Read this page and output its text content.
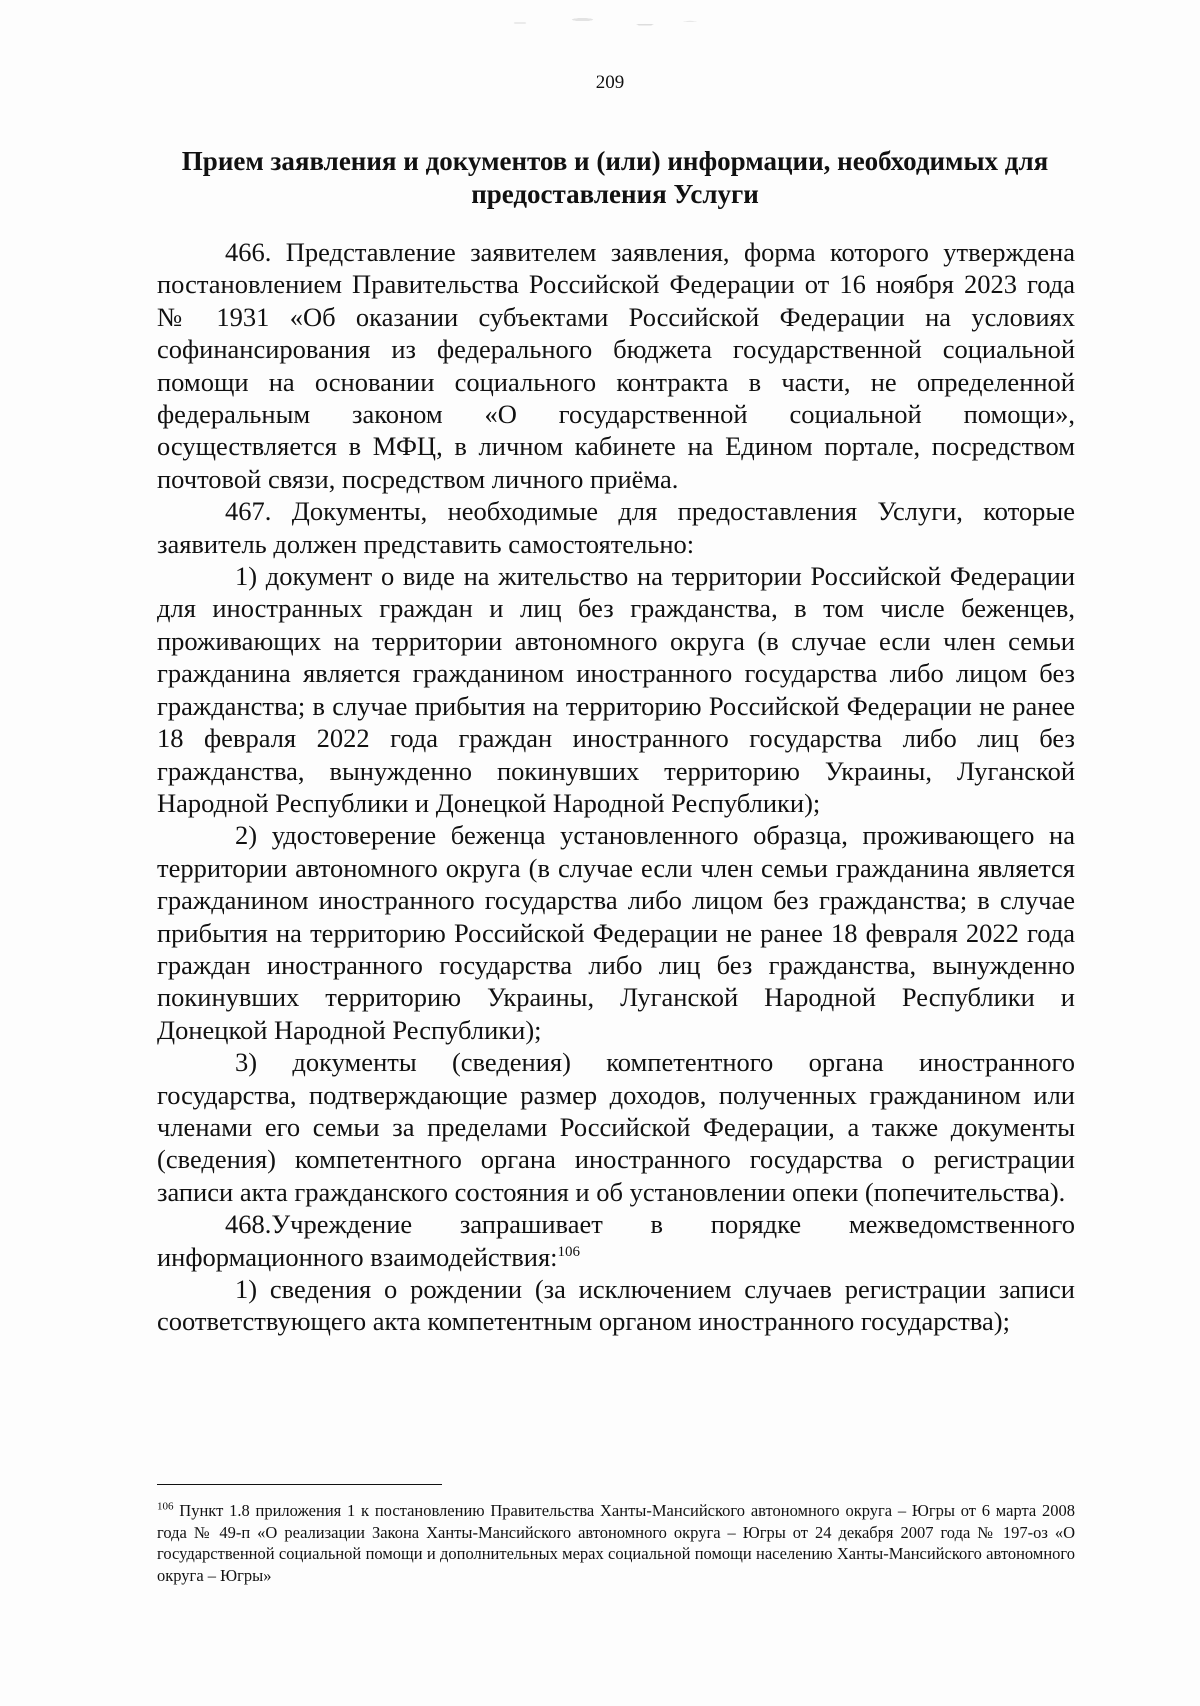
209
Прием заявления и документов и (или) информации, необходимых для предоставления Услуги

466. Представление заявителем заявления, форма которого утверждена постановлением Правительства Российской Федерации от 16 ноября 2023 года № 1931 «Об оказании субъектами Российской Федерации на условиях софинансирования из федерального бюджета государственной социальной помощи на основании социального контракта в части, не определенной федеральным законом «О государственной социальной помощи», осуществляется в МФЦ, в личном кабинете на Едином портале, посредством почтовой связи, посредством личного приёма.

467. Документы, необходимые для предоставления Услуги, которые заявитель должен представить самостоятельно:

1) документ о виде на жительство на территории Российской Федерации для иностранных граждан и лиц без гражданства, в том числе беженцев, проживающих на территории автономного округа (в случае если член семьи гражданина является гражданином иностранного государства либо лицом без гражданства; в случае прибытия на территорию Российской Федерации не ранее 18 февраля 2022 года граждан иностранного государства либо лиц без гражданства, вынужденно покинувших территорию Украины, Луганской Народной Республики и Донецкой Народной Республики);

2) удостоверение беженца установленного образца, проживающего на территории автономного округа (в случае если член семьи гражданина является гражданином иностранного государства либо лицом без гражданства; в случае прибытия на территорию Российской Федерации не ранее 18 февраля 2022 года граждан иностранного государства либо лиц без гражданства, вынужденно покинувших территорию Украины, Луганской Народной Республики и Донецкой Народной Республики);

3) документы (сведения) компетентного органа иностранного государства, подтверждающие размер доходов, полученных гражданином или членами его семьи за пределами Российской Федерации, а также документы (сведения) компетентного органа иностранного государства о регистрации записи акта гражданского состояния и об установлении опеки (попечительства).

468.Учреждение запрашивает в порядке межведомственного информационного взаимодействия:$^{106}$

1) сведения о рождении (за исключением случаев регистрации записи соответствующего акта компетентным органом иностранного государства);

$^{106}$ Пункт 1.8 приложения 1 к постановлению Правительства Ханты-Мансийского автономного округа – Югры от 6 марта 2008 года № 49-п «О реализации Закона Ханты-Мансийского автономного округа – Югры от 24 декабря 2007 года № 197-оз «О государственной социальной помощи и дополнительных мерах социальной помощи населению Ханты-Мансийского автономного округа – Югры»
